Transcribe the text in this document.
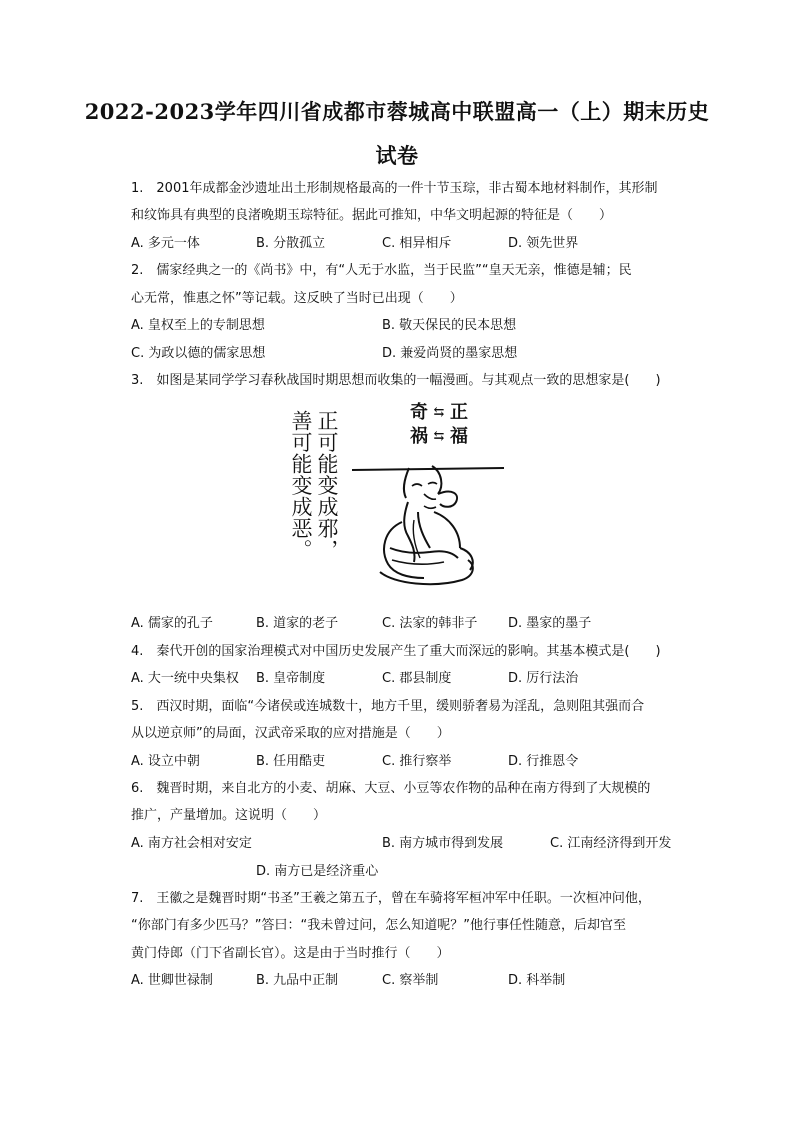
2022-2023学年四川省成都市蓉城高中联盟高一（上）期末历史
试卷
1.　2001年成都金沙遗址出土形制规格最高的一件十节玉琮，非古蜀本地材料制作，其形制
和纹饰具有典型的良渚晚期玉琮特征。据此可推知，中华文明起源的特征是（　　）
A. 多元一体	B. 分散孤立	C. 相异相斥	D. 领先世界
2.　儒家经典之一的《尚书》中，有“人无于水监，当于民监”“皇天无亲，惟德是辅；民
心无常，惟惠之怀”等记载。这反映了当时已出现（　　）
A. 皇权至上的专制思想	B. 敬天保民的民本思想
C. 为政以德的儒家思想	D. 兼爱尚贤的墨家思想
3.　如图是某同学学习春秋战国时期思想而收集的一幅漫画。与其观点一致的思想家是(　　)
善可能变成恶。 正可能变成邪，	奇 ⇆ 正
祸 ⇆ 福
A. 儒家的孔子	B. 道家的老子	C. 法家的韩非子 D. 墨家的墨子
4.　秦代开创的国家治理模式对中国历史发展产生了重大而深远的影响。其基本模式是(　　)
A. 大一统中央集权 B. 皇帝制度	C. 郡县制度	D. 厉行法治
5.　西汉时期，面临“今诸侯或连城数十，地方千里，缓则骄奢易为淫乱，急则阻其强而合
从以逆京师”的局面，汉武帝采取的应对措施是（　　）
A. 设立中朝	B. 任用酷吏	C. 推行察举	D. 行推恩令
6.　魏晋时期，来自北方的小麦、胡麻、大豆、小豆等农作物的品种在南方得到了大规模的
推广，产量增加。这说明（　　）
A. 南方社会相对安定	B. 南方城市得到发展	C. 江南经济得到开发
D. 南方已是经济重心
7.　王徽之是魏晋时期“书圣”王羲之第五子，曾在车骑将军桓冲军中任职。一次桓冲问他，
“你部门有多少匹马？”答曰：“我未曾过问，怎么知道呢？”他行事任性随意，后却官至
黄门侍郎（门下省副长官）。这是由于当时推行（　　）
A. 世卿世禄制	B. 九品中正制	C. 察举制	D. 科举制
